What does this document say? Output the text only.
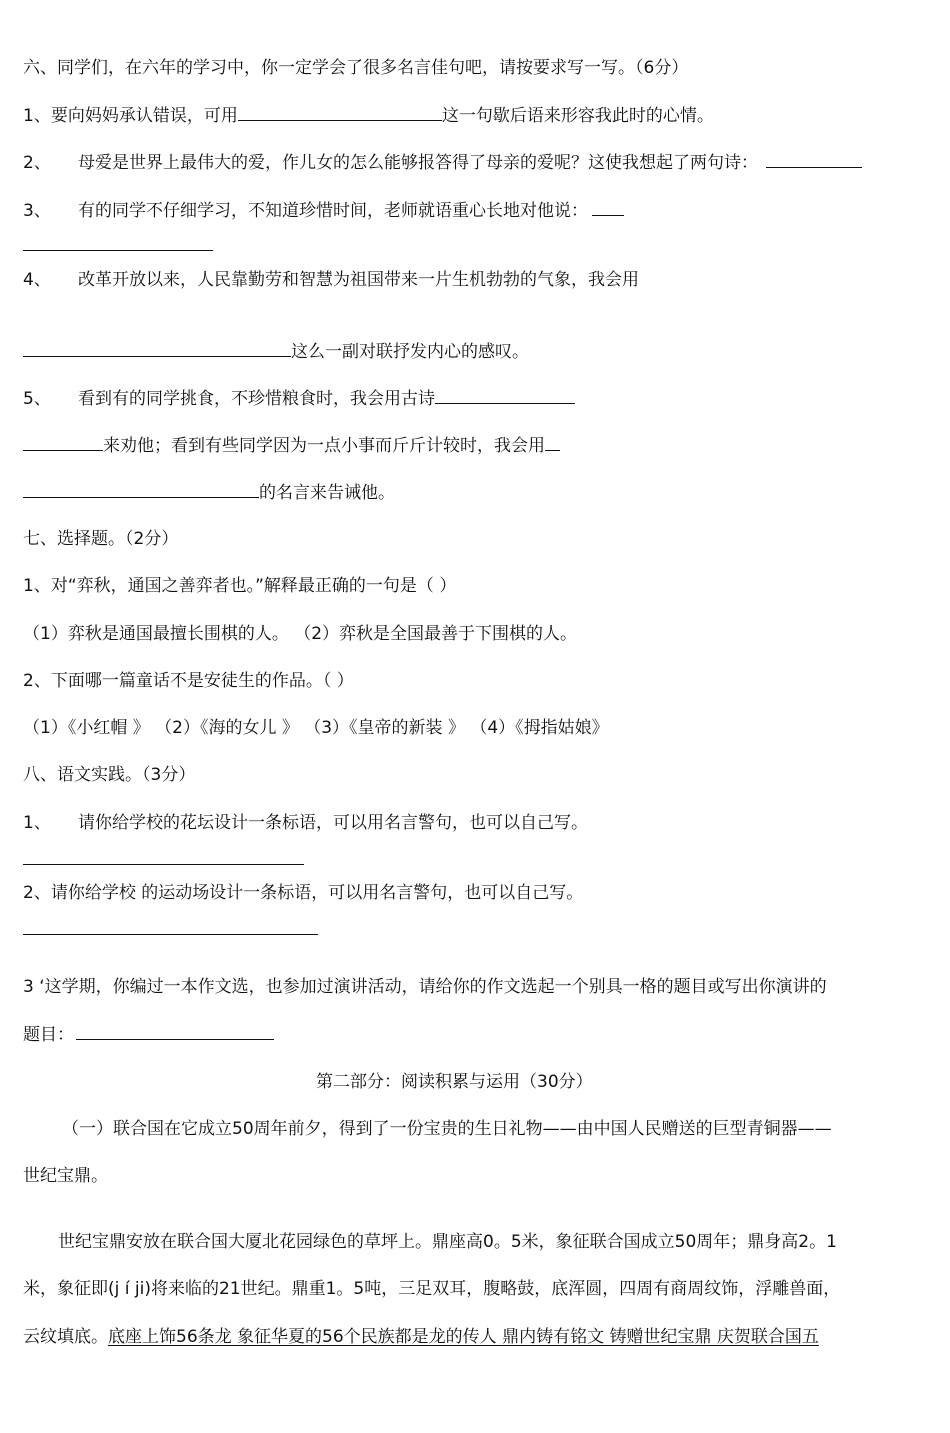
六、同学们，在六年的学习中，你一定学会了很多名言佳句吧，请按要求写一写。（6分）
1、要向妈妈承认错误，可用	这一句歇后语来形容我此时的心情。
2、 母爱是世界上最伟大的爱，作儿女的怎么能够报答得了母亲的爱呢？这使我想起了两句诗：
3、 有的同学不仔细学习，不知道珍惜时间，老师就语重心长地对他说：
4、 改革开放以来，人民靠勤劳和智慧为祖国带来一片生机勃勃的气象，我会用
这么一副对联抒发内心的感叹。
5、 看到有的同学挑食，不珍惜粮食时，我会用古诗
来劝他；看到有些同学因为一点小事而斤斤计较时，我会用
的名言来告诫他。
七、选择题。（2分）
1、对“弈秋，通国之善弈者也。”解释最正确的一句是（ ）
（1）弈秋是通国最擅长围棋的人。 （2）弈秋是全国最善于下围棋的人。
2、下面哪一篇童话不是安徒生的作品。（ ）
（1）《小红帽 》 （2）《海的女儿 》 （3）《皇帝的新装 》 （4）《拇指姑娘》
八、语文实践。（3分）
1、 请你给学校的花坛设计一条标语，可以用名言警句，也可以自己写。
2、请你给学校 的运动场设计一条标语，可以用名言警句，也可以自己写。
3 ‘这学期，你编过一本作文选，也参加过演讲活动，请给你的作文选起一个别具一格的题目或写出你演讲的
题目：
第二部分：阅读积累与运用（30分）
（一）联合国在它成立50周年前夕，得到了一份宝贵的生日礼物——由中国人民赠送的巨型青铜器——
世纪宝鼎。
世纪宝鼎安放在联合国大厦北花园绿色的草坪上。鼎座高0。5米，象征联合国成立50周年；鼎身高2。1
米，象征即(j í ji)将来临的21世纪。鼎重1。5吨，三足双耳，腹略鼓，底浑圆，四周有商周纹饰，浮雕兽面，
云纹填底。底座上饰56条龙 象征华夏的56个民族都是龙的传人 鼎内铸有铭文 铸赠世纪宝鼎 庆贺联合国五
